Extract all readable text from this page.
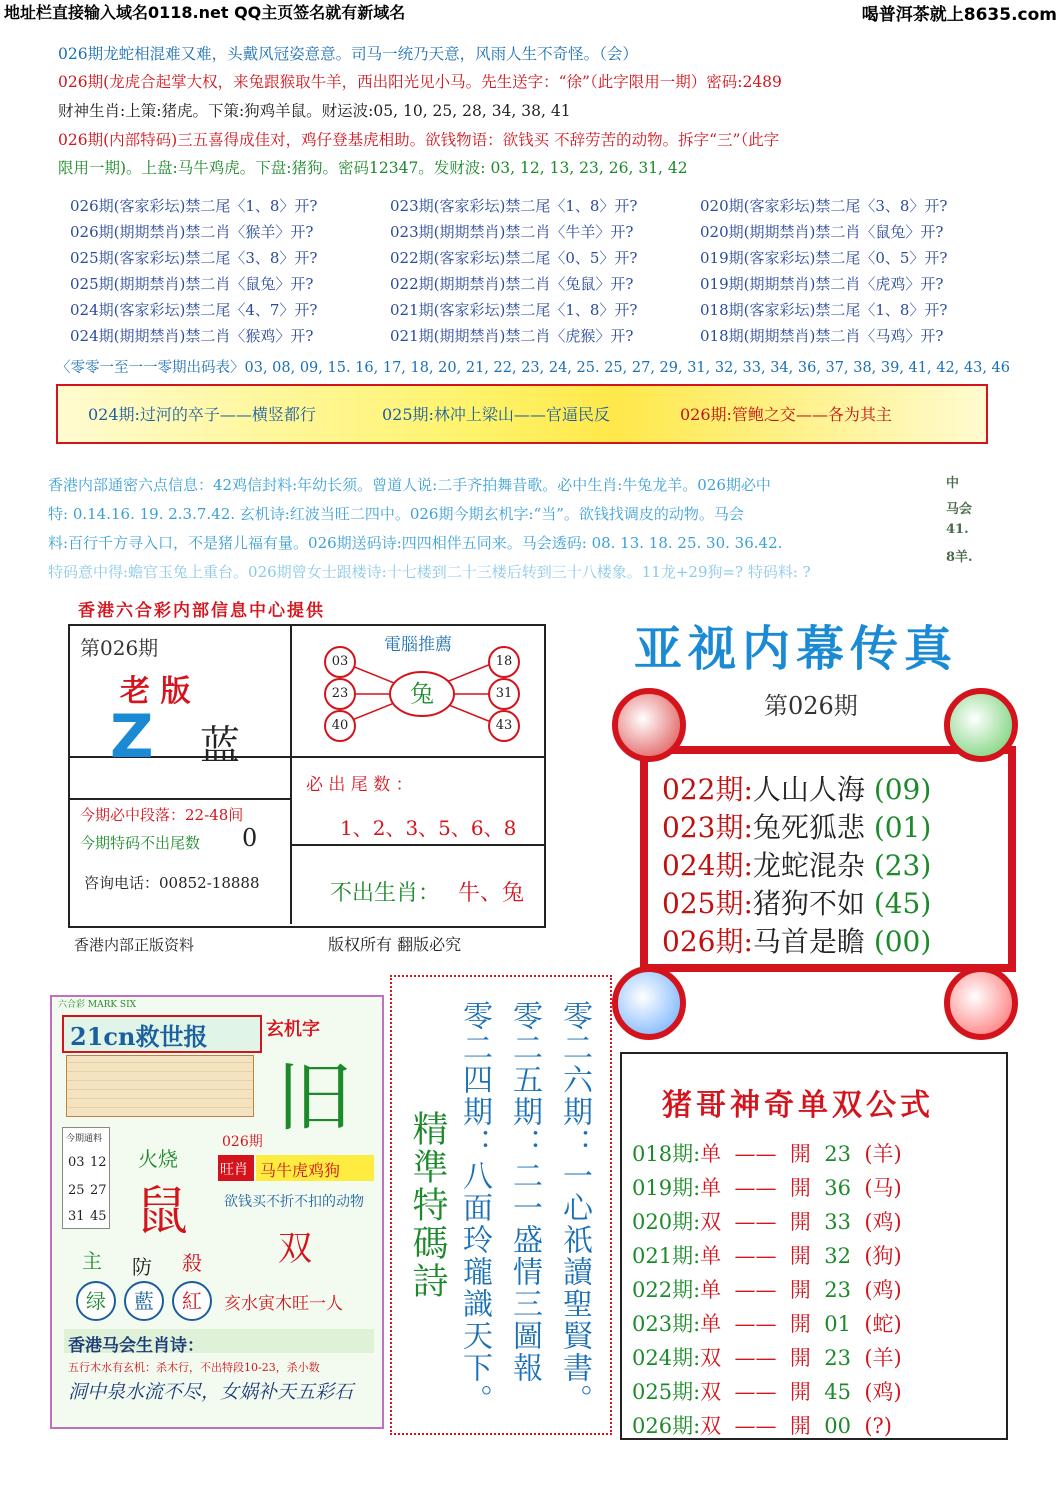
地址栏直接输入域名0118.net QQ主页签名就有新域名	喝普洱茶就上8635.com
026期龙蛇相混难又难，头戴风冠姿意意。司马一统乃天意，风雨人生不奇怪。（会）
026期(龙虎合起掌大权，来兔跟猴取牛羊，西出阳光见小马。先生送字：“徐”（此字限用一期）密码:2489
财神生肖:上策:猪虎。下策:狗鸡羊鼠。财运波:05, 10, 25, 28, 34, 38, 41
026期(内部特码)三五喜得成佳对，鸡仔登基虎相助。欲钱物语：欲钱买 不辞劳苦的动物。拆字“三”（此字
限用一期)。上盘:马牛鸡虎。下盘:猪狗。密码12347。发财波: 03, 12, 13, 23, 26, 31, 42
026期(客家彩坛)禁二尾〈1、8〉开?	023期(客家彩坛)禁二尾〈1、8〉开?	020期(客家彩坛)禁二尾〈3、8〉开?
026期(期期禁肖)禁二肖〈猴羊〉开?	023期(期期禁肖)禁二肖〈牛羊〉开?	020期(期期禁肖)禁二肖〈鼠兔〉开?
025期(客家彩坛)禁二尾〈3、8〉开?	022期(客家彩坛)禁二尾〈0、5〉开?	019期(客家彩坛)禁二尾〈0、5〉开?
025期(期期禁肖)禁二肖〈鼠兔〉开?	022期(期期禁肖)禁二肖〈兔鼠〉开?	019期(期期禁肖)禁二肖〈虎鸡〉开?
024期(客家彩坛)禁二尾〈4、7〉开?	021期(客家彩坛)禁二尾〈1、8〉开?	018期(客家彩坛)禁二尾〈1、8〉开?
024期(期期禁肖)禁二肖〈猴鸡〉开?	021期(期期禁肖)禁二肖〈虎猴〉开?	018期(期期禁肖)禁二肖〈马鸡〉开?
〈零零一至一一零期出码表〉03, 08, 09, 15. 16, 17, 18, 20, 21, 22, 23, 24, 25. 25, 27, 29, 31, 32, 33, 34, 36, 37, 38, 39, 41, 42, 43, 46
024期:过河的卒子——横竖都行	025期:林冲上梁山——官逼民反	026期:管鲍之交——各为其主
香港内部通密六点信息：42鸡信封料:年幼长须。曾道人说:二手齐拍舞昔歌。必中生肖:牛兔龙羊。026期必中
特: 0.14.16. 19. 2.3.7.42. 玄机诗:红波当旺二四中。026期今期玄机字:“当”。欲钱找调皮的动物。马会
料:百行千方寻入口，不是猪儿福有量。026期送码诗:四四相伴五同来。马会透码: 08. 13. 18. 25. 30. 36.42.
特码意中得:蟾官玉兔上重台。026期曾女士跟楼诗:十七楼到二十三楼后转到三十八楼象。11龙+29狗=? 特码料: ?
中
马会
41.
8羊.
香港六合彩内部信息中心提供
第026期
老 版
Z 蓝
今期必中段落：22-48间
今期特码不出尾数 0
咨询电话：00852-18888
電腦推薦
兔
03
23
40
18
31
43
必 出 尾 数 ：
1、2、3、5、6、8
不出生肖： 牛、兔
香港内部正版资料	版权所有 翻版必究
亚视内幕传真
第026期
022期:人山人海 (09)
023期:兔死狐悲 (01)
024期:龙蛇混杂 (23)
025期:猪狗不如 (45)
026期:马首是瞻 (00)
六合彩 MARK SIX
21cn救世报	玄机字
旧
今期通料
03 12
25 27
31 45
火烧
鼠
026期
旺肖 马牛虎鸡狗
欲钱买不折不扣的动物
双
主 防 殺
绿	藍	紅	亥水寅木旺一人
香港马会生肖诗：
五行木水有玄机：杀木行，不出特段10-23，杀小数
洞中泉水流不尽，女娲补天五彩石
精準特碼詩	零二六期：一心祇讀聖賢書。
零二五期：二一盛情三圖報
零二四期：八面玲瓏識天下。	猪哥神奇单双公式
018期:单 —— 開 23 (羊)
019期:单 —— 開 36 (马)
020期:双 —— 開 33 (鸡)
021期:单 —— 開 32 (狗)
022期:单 —— 開 23 (鸡)
023期:单 —— 開 01 (蛇)
024期:双 —— 開 23 (羊)
025期:双 —— 開 45 (鸡)
026期:双 —— 開 00 (?)
